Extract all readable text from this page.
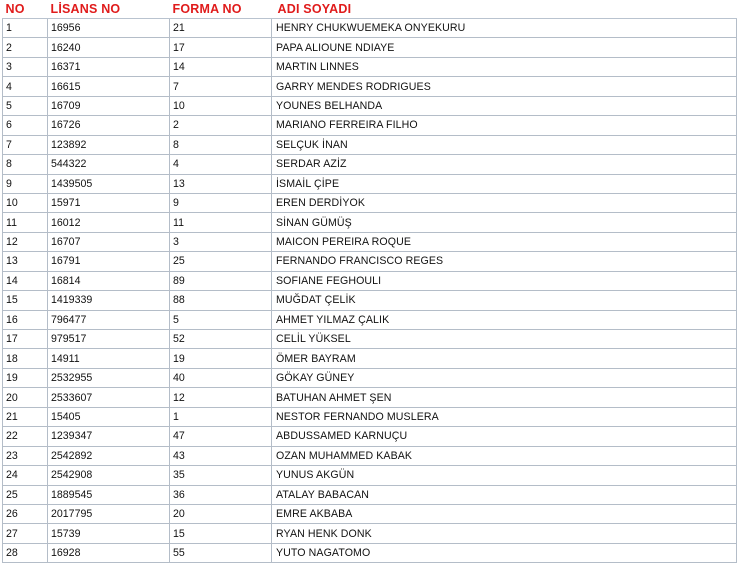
NO	LİSANS NO	FORMA NO	ADI SOYADI
1	16956	21	HENRY CHUKWUEMEKA ONYEKURU
2	16240	17	PAPA ALIOUNE NDIAYE
3	16371	14	MARTIN LINNES
4	16615	7	GARRY MENDES RODRIGUES
5	16709	10	YOUNES BELHANDA
6	16726	2	MARIANO FERREIRA FILHO
7	123892	8	SELÇUK İNAN
8	544322	4	SERDAR AZİZ
9	1439505	13	İSMAİL ÇİPE
10	15971	9	EREN DERDİYOK
11	16012	11	SİNAN GÜMÜŞ
12	16707	3	MAICON PEREIRA ROQUE
13	16791	25	FERNANDO FRANCISCO REGES
14	16814	89	SOFIANE FEGHOULI
15	1419339	88	MUĞDAT ÇELİK
16	796477	5	AHMET YILMAZ ÇALIK
17	979517	52	CELİL YÜKSEL
18	14911	19	ÖMER BAYRAM
19	2532955	40	GÖKAY GÜNEY
20	2533607	12	BATUHAN AHMET ŞEN
21	15405	1	NESTOR FERNANDO MUSLERA
22	1239347	47	ABDUSSAMED KARNUÇU
23	2542892	43	OZAN MUHAMMED KABAK
24	2542908	35	YUNUS AKGÜN
25	1889545	36	ATALAY BABACAN
26	2017795	20	EMRE AKBABA
27	15739	15	RYAN HENK DONK
28	16928	55	YUTO NAGATOMO
